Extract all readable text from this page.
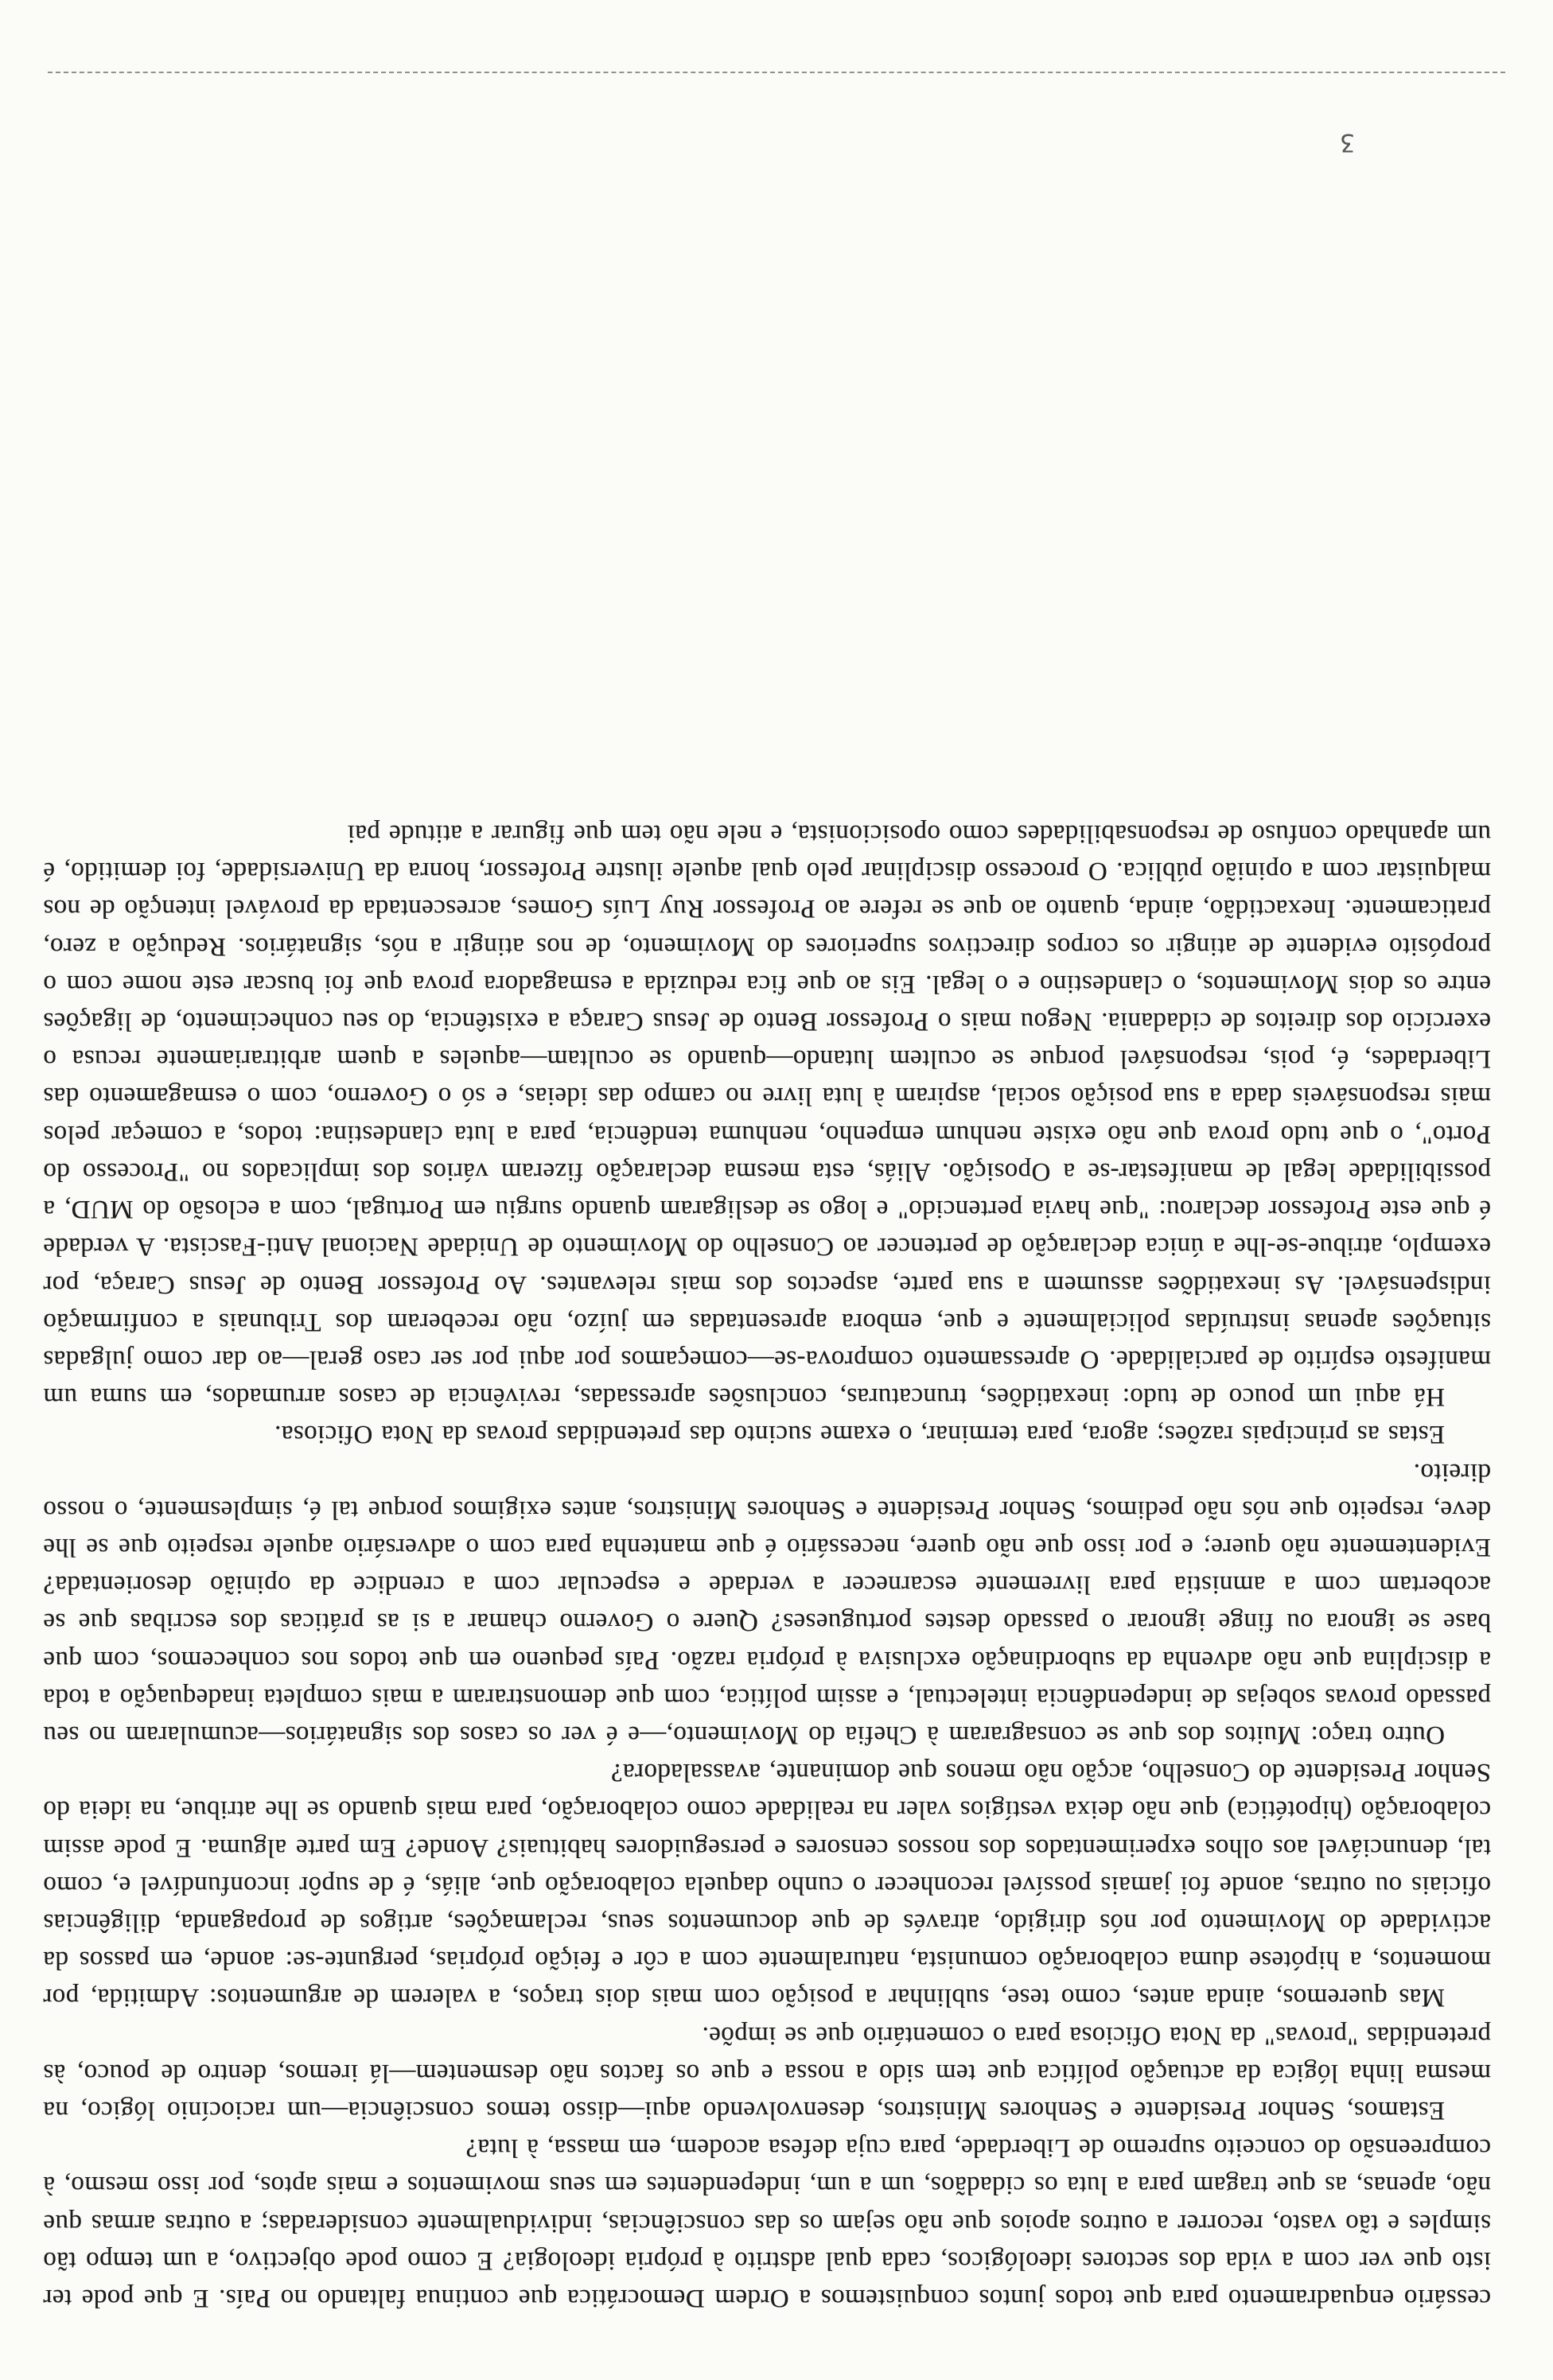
cessário enquadramento para que todos juntos conquistemos a Ordem Democrática que continua faltando no País. E que pode ter isto que ver com a vida dos sectores ideológicos, cada qual adstrito à própria ideologia? E como pode objectivo, a um tempo tão simples e tão vasto, recorrer a outros apoios que não sejam os das consciências, individualmente consideradas; a outras armas que não, apenas, as que tragam para a luta os cidadãos, um a um, independentes em seus movimentos e mais aptos, por isso mesmo, à compreensão do conceito supremo de Liberdade, para cuja defesa acodem, em massa, à luta?

Estamos, Senhor Presidente e Senhores Ministros, desenvolvendo aqui—disso temos consciência—um raciocínio lógico, na mesma linha lógica da actuação política que tem sido a nossa e que os factos não desmentem—lá iremos, dentro de pouco, às pretendidas "provas" da Nota Oficiosa para o comentário que se impõe.

Mas queremos, ainda antes, como tese, sublinhar a posição com mais dois traços, a valerem de argumentos: Admitida, por momentos, a hipótese duma colaboração comunista, naturalmente com a côr e feição próprias, pergunte-se: aonde, em passos da actividade do Movimento por nós dirigido, através de que documentos seus, reclamações, artigos de propaganda, diligências oficiais ou outras, aonde foi jamais possível reconhecer o cunho daquela colaboração que, aliás, é de supôr inconfundível e, como tal, denunciável aos olhos experimentados dos nossos censores e perseguidores habituais? Aonde? Em parte alguma. E pode assim colaboração (hipotética) que não deixa vestígios valer na realidade como colaboração, para mais quando se lhe atribue, na ideia do Senhor Presidente do Conselho, acção não menos que dominante, avassaladora?

Outro traço: Muitos dos que se consagraram à Chefia do Movimento,—e é ver os casos dos signatários—acumularam no seu passado provas sobejas de independência intelectual, e assim política, com que demonstraram a mais completa inadequação a toda a disciplina que não advenha da subordinação exclusiva à própria razão. País pequeno em que todos nos conhecemos, com que base se ignora ou finge ignorar o passado destes portugueses? Quere o Governo chamar a si as práticas dos escribas que se acobertam com a amnistia para livremente escarnecer a verdade e especular com a crendice da opinião desorientada? Evidentemente não quere; e por isso que não quere, necessário é que mantenha para com o adversário aquele respeito que se lhe deve, respeito que nós não pedimos, Senhor Presidente e Senhores Ministros, antes exigimos porque tal é, simplesmente, o nosso direito.

Estas as principais razões; agora, para terminar, o exame sucinto das pretendidas provas da Nota Oficiosa.

Há aqui um pouco de tudo: inexatidões, truncaturas, conclusões apressadas, revivência de casos arrumados, em suma um manifesto espírito de parcialidade. O apressamento comprova-se—começamos por aqui por ser caso geral—ao dar como julgadas situações apenas instruídas policialmente e que, embora apresentadas em juízo, não receberam dos Tribunais a confirmação indispensável. As inexatidões assumem a sua parte, aspectos dos mais relevantes. Ao Professor Bento de Jesus Caraça, por exemplo, atribue-se-lhe a única declaração de pertencer ao Conselho do Movimento de Unidade Nacional Anti-Fascista. A verdade é que este Professor declarou: "que havia pertencido" e logo se desligaram quando surgiu em Portugal, com a eclosão do MUD, a possibilidade legal de manifestar-se a Oposição. Aliás, esta mesma declaração fizeram vários dos implicados no "Processo do Porto", o que tudo prova que não existe nenhum empenho, nenhuma tendência, para a luta clandestina: todos, a começar pelos mais responsáveis dada a sua posição social, aspiram à luta livre no campo das ideias, e só o Governo, com o esmagamento das Liberdades, é, pois, responsável porque se ocultem lutando—quando se ocultam—aqueles a quem arbitrariamente recusa o exercício dos direitos de cidadania. Negou mais o Professor Bento de Jesus Caraça a existência, do seu conhecimento, de ligações entre os dois Movimentos, o clandestino e o legal. Eis ao que fica reduzida a esmagadora prova que foi buscar este nome com o propósito evidente de atingir os corpos directivos superiores do Movimento, de nos atingir a nós, signatários. Redução a zero, praticamente. Inexactidão, ainda, quanto ao que se refere ao Professor Ruy Luís Gomes, acrescentada da provável intenção de nos malquistar com a opinião pública. O processo disciplinar pelo qual aquele ilustre Professor, honra da Universidade, foi demitido, é um apanhado confuso de responsabilidades como oposicionista, e nele não tem que figurar a atitude pai

ʒ
